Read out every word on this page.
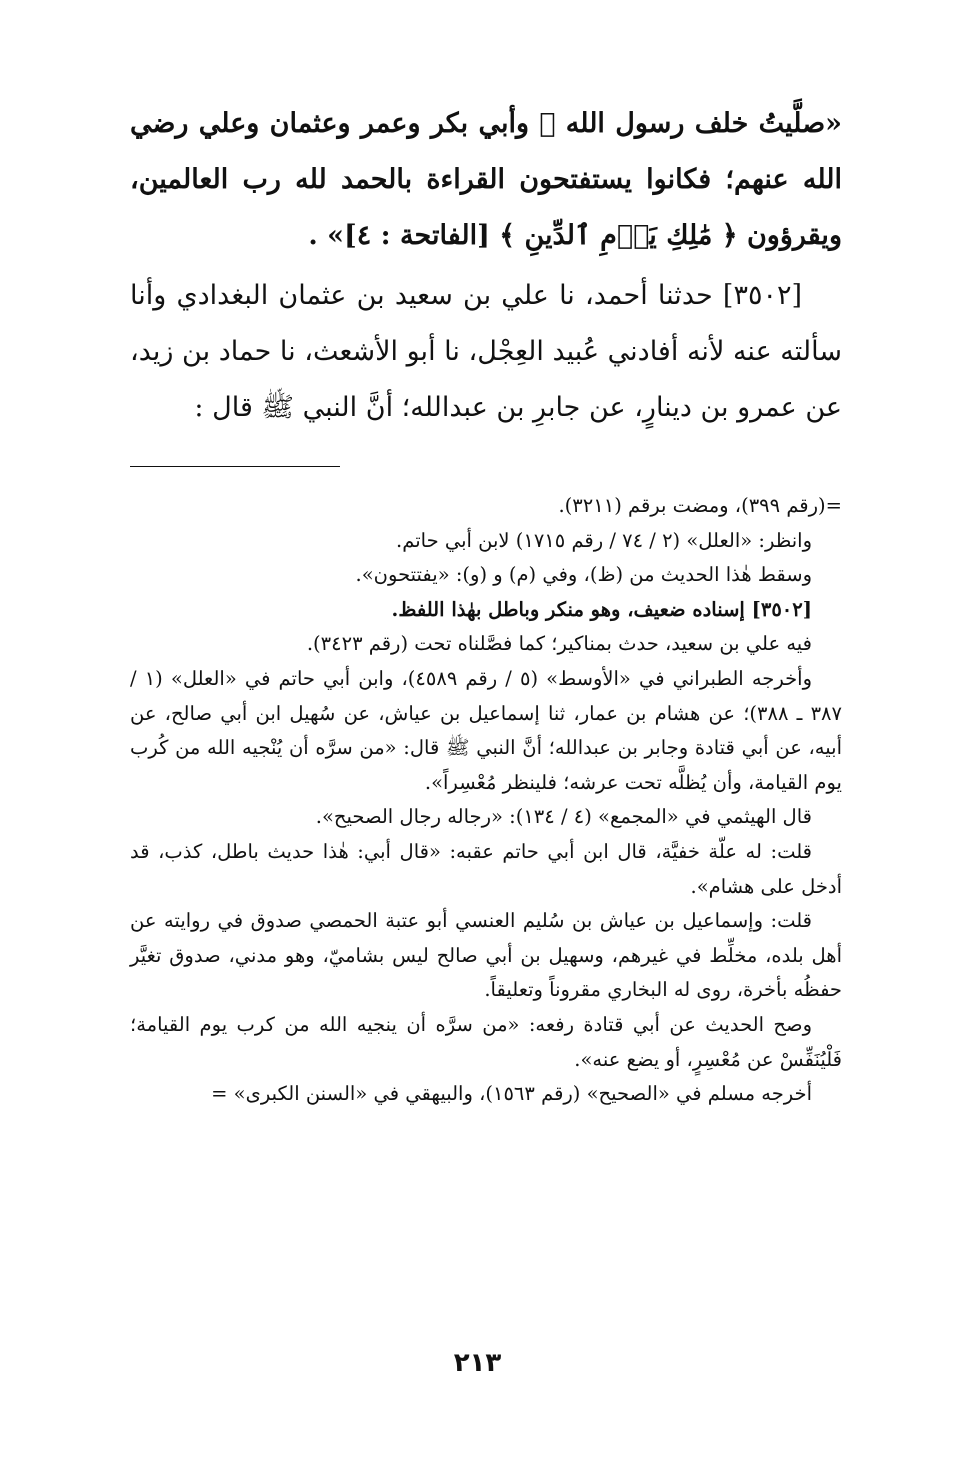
«صلَّيتُ خلف رسول الله ﷺ وأبي بكر وعمر وعثمان وعلي رضي الله عنهم؛ فكانوا يستفتحون القراءة بالحمد لله رب العالمين، ويقرؤون ﴿ مَٰلِكِ يَوۡمِ ٱلدِّينِ ﴾ [الفاتحة : ٤]» .

[٣٥٠٢] حدثنا أحمد، نا علي بن سعيد بن عثمان البغدادي وأنا سألته عنه لأنه أفادني عُبيد العِجْل، نا أبو الأشعث، نا حماد بن زيد، عن عمرو بن دينارٍ، عن جابرِ بن عبدالله؛ أنَّ النبي ﷺ قال :

=(رقم ٣٩٩)، ومضت برقم (٣٢١١).

وانظر: «العلل» (٢ / ٧٤ / رقم ١٧١٥) لابن أبي حاتم.

وسقط هٰذا الحديث من (ظ)، وفي (م) و (و): «يفتتحون».

[٣٥٠٢] إسناده ضعيف، وهو منكر وباطل بهٰذا اللفظ.

فيه علي بن سعيد، حدث بمناكير؛ كما فصَّلناه تحت (رقم ٣٤٢٣).

وأخرجه الطبراني في «الأوسط» (٥ / رقم ٤٥٨٩)، وابن أبي حاتم في «العلل» (١ / ٣٨٧ ـ ٣٨٨)؛ عن هشام بن عمار، ثنا إسماعيل بن عياش، عن سُهيل ابن أبي صالح، عن أبيه، عن أبي قتادة وجابر بن عبدالله؛ أنَّ النبي ﷺ قال: «من سرَّه أن يُنْجيه الله من كُرب يوم القيامة، وأن يُظلَّه تحت عرشه؛ فلينظر مُعْسِراً».

قال الهيثمي في «المجمع» (٤ / ١٣٤): «رجاله رجال الصحيح».

قلت: له علّة خفيَّة، قال ابن أبي حاتم عقبه: «قال أبي: هٰذا حديث باطل، كذب، قد أدخل على هشام».

قلت: وإسماعيل بن عياش بن سُليم العنسي أبو عتبة الحمصي صدوق في روايته عن أهل بلده، مخلِّط في غيرهم، وسهيل بن أبي صالح ليس بشاميّ، وهو مدني، صدوق تغيَّر حفظُه بأخرة، روى له البخاري مقروناً وتعليقاً.

وصح الحديث عن أبي قتادة رفعه: «من سرَّه أن ينجيه الله من كرب يوم القيامة؛ فَلْيُنَفِّسْ عن مُعْسِرٍ، أو يضع عنه».

أخرجه مسلم في «الصحيح» (رقم ١٥٦٣)، والبيهقي في «السنن الكبرى» =

٢١٣
